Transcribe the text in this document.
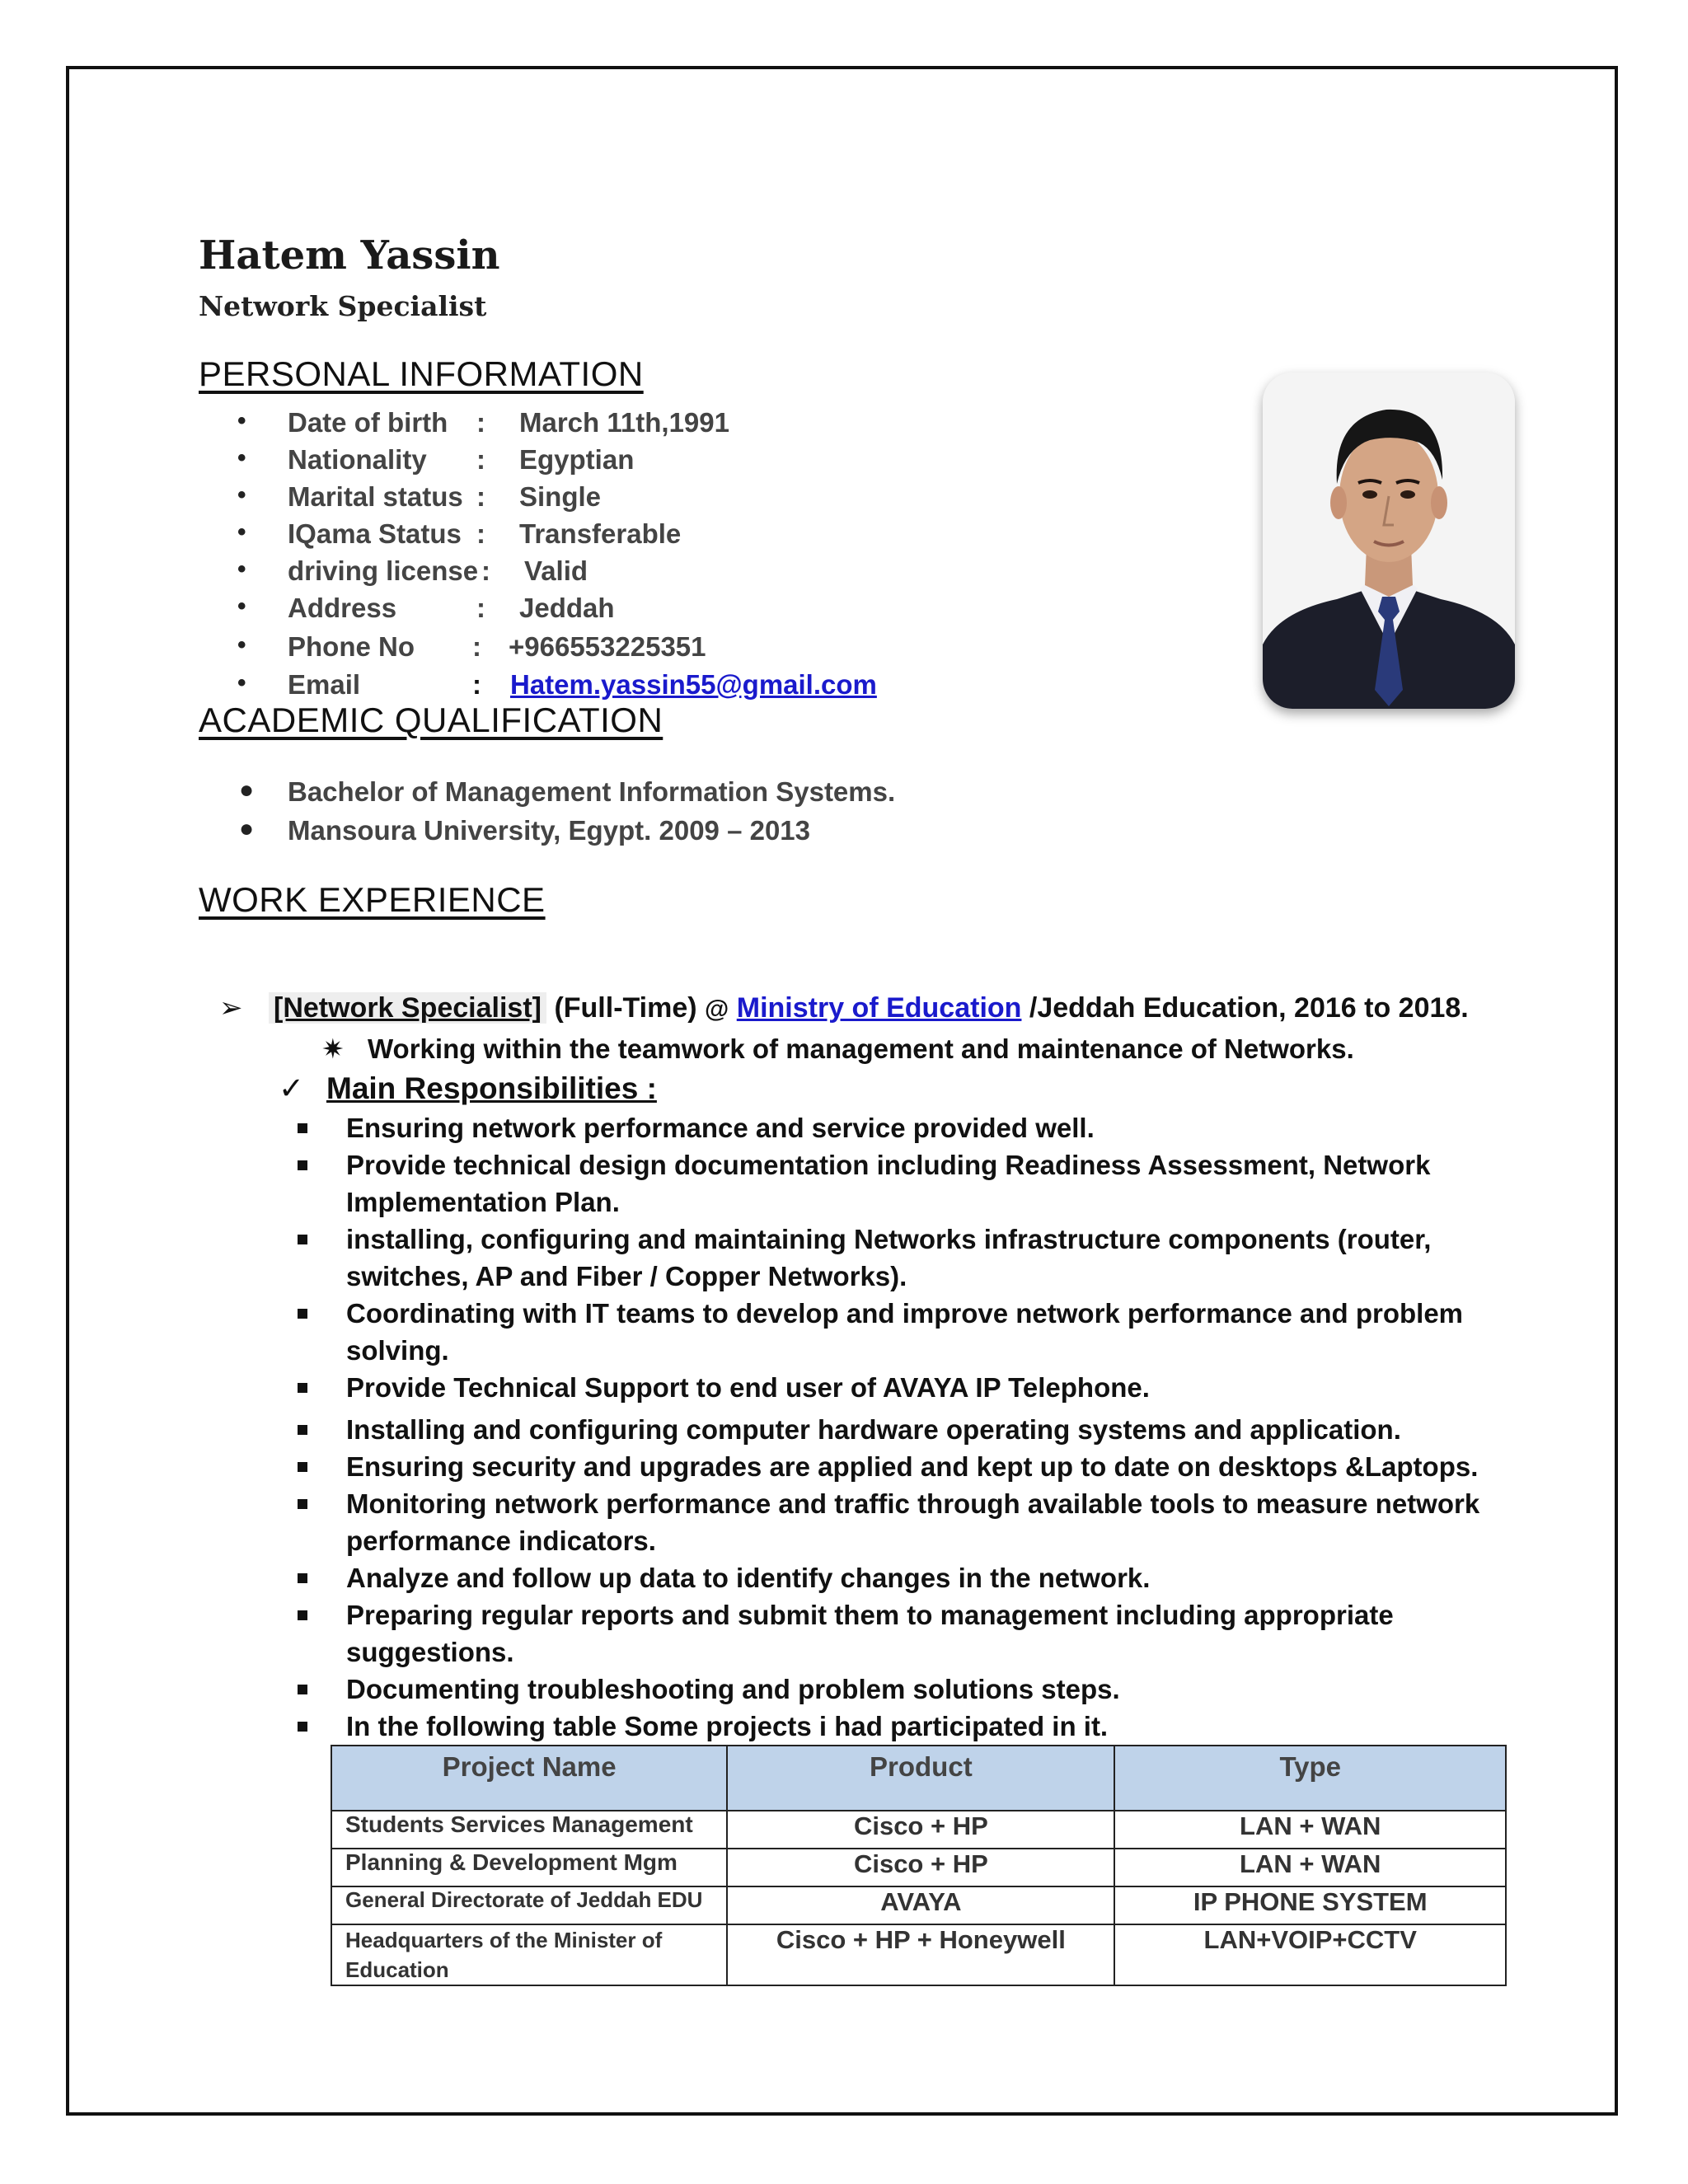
Hatem Yassin
Network Specialist
PERSONAL INFORMATION
• Date of birth : March 11th,1991
• Nationality : Egyptian
• Marital status : Single
• IQama Status : Transferable
• driving license : Valid
• Address	: Jeddah
• Phone No : +966553225351
• Email	: Hatem.yassin55@gmail.com
ACADEMIC QUALIFICATION
● Bachelor of Management Information Systems.
● Mansoura University, Egypt. 2009 – 2013
WORK EXPERIENCE
➢ [Network Specialist] (Full-Time) @ Ministry of Education /Jeddah Education, 2016 to 2018.
✷ Working within the teamwork of management and maintenance of Networks.
✓ Main Responsibilities :
Ensuring network performance and service provided well.
Provide technical design documentation including Readiness Assessment, Network Implementation Plan.
installing, configuring and maintaining Networks infrastructure components (router, switches, AP and Fiber / Copper Networks).
Coordinating with IT teams to develop and improve network performance and problem solving.
Provide Technical Support to end user of AVAYA IP Telephone.
Installing and configuring computer hardware operating systems and application.
Ensuring security and upgrades are applied and kept up to date on desktops &Laptops.
Monitoring network performance and traffic through available tools to measure network performance indicators.
Analyze and follow up data to identify changes in the network.
Preparing regular reports and submit them to management including appropriate suggestions.
Documenting troubleshooting and problem solutions steps.
In the following table Some projects i had participated in it.
Project Name	Product	Type
Students Services Management	Cisco + HP	LAN + WAN
Planning & Development Mgm	Cisco + HP	LAN + WAN
General Directorate of Jeddah EDU	AVAYA	IP PHONE SYSTEM
Headquarters of the Minister of Education	Cisco + HP + Honeywell	LAN+VOIP+CCTV
